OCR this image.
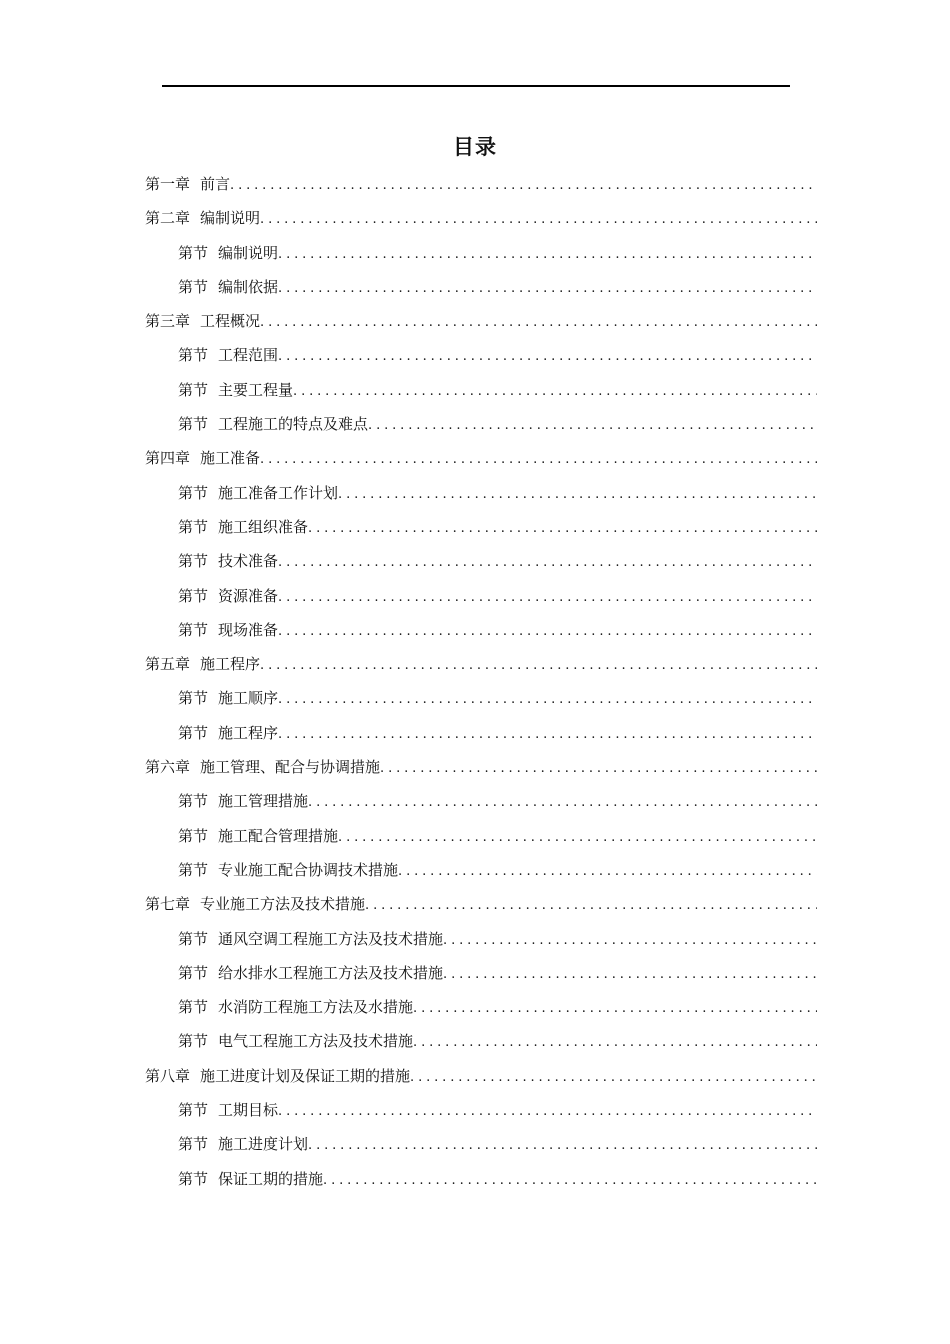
目录
第一章 前言
.....
第二章 编制说明
.....
第节 编制说明
.....
第节 编制依据
.....
第三章 工程概况
.....
第节 工程范围
.....
第节 主要工程量
.....
第节 工程施工的特点及难点
.....
第四章 施工准备
.....
第节 施工准备工作计划
.....
第节 施工组织准备
.....
第节 技术准备
.....
第节 资源准备
.....
第节 现场准备
.....
第五章 施工程序
.....
第节 施工顺序
.....
第节 施工程序
.....
第六章 施工管理、配合与协调措施
.....
第节 施工管理措施
.....
第节 施工配合管理措施
.....
第节 专业施工配合协调技术措施
.....
第七章 专业施工方法及技术措施
.....
第节 通风空调工程施工方法及技术措施
.....
第节 给水排水工程施工方法及技术措施
.....
第节 水消防工程施工方法及水措施
.....
第节 电气工程施工方法及技术措施
.....
第八章 施工进度计划及保证工期的措施
.....
第节 工期目标
.....
第节 施工进度计划
.....
第节 保证工期的措施
.....
